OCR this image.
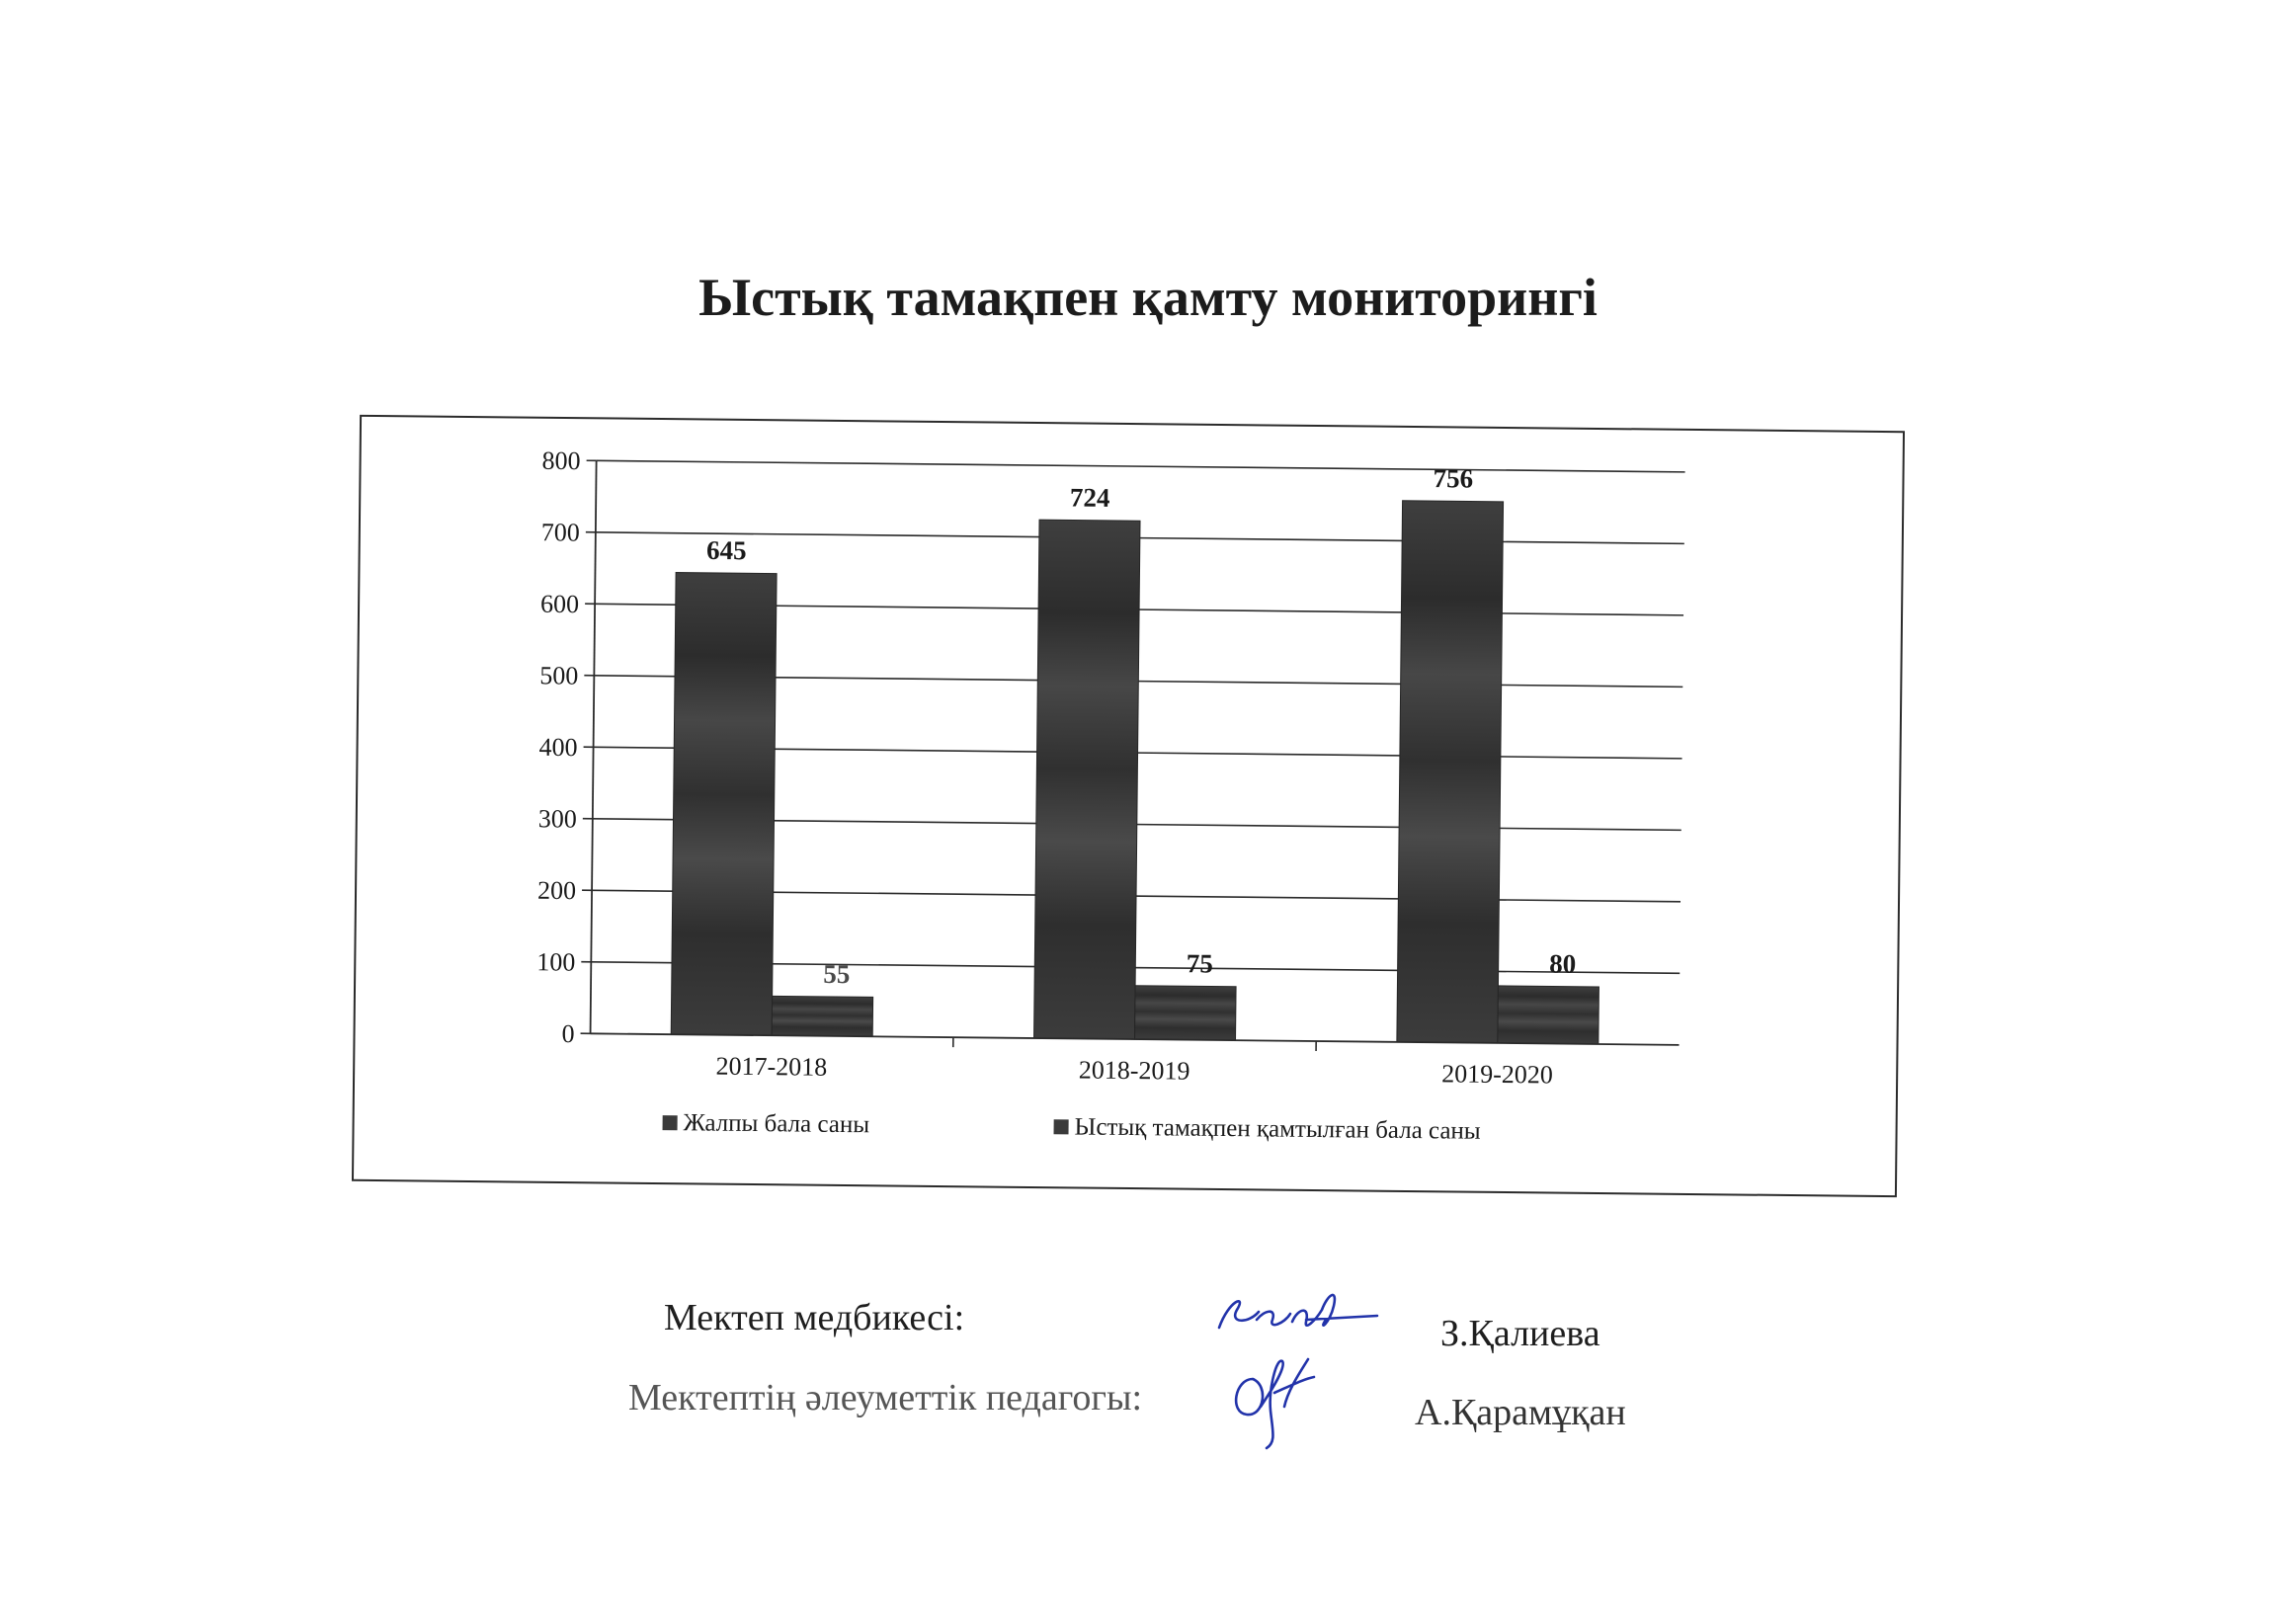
Ыстық тамақпен қамту мониторингі
645
55
724
75
756
80
0
100
200
300
400
500
600
700
800
2017-2018	2018-2019	2019-2020
Жалпы бала саны	Ыстық тамақпен қамтылған бала саны
Мектеп медбикесі:	З.Қалиева
Мектептің әлеуметтік педагогы:	А.Қарамұқан
